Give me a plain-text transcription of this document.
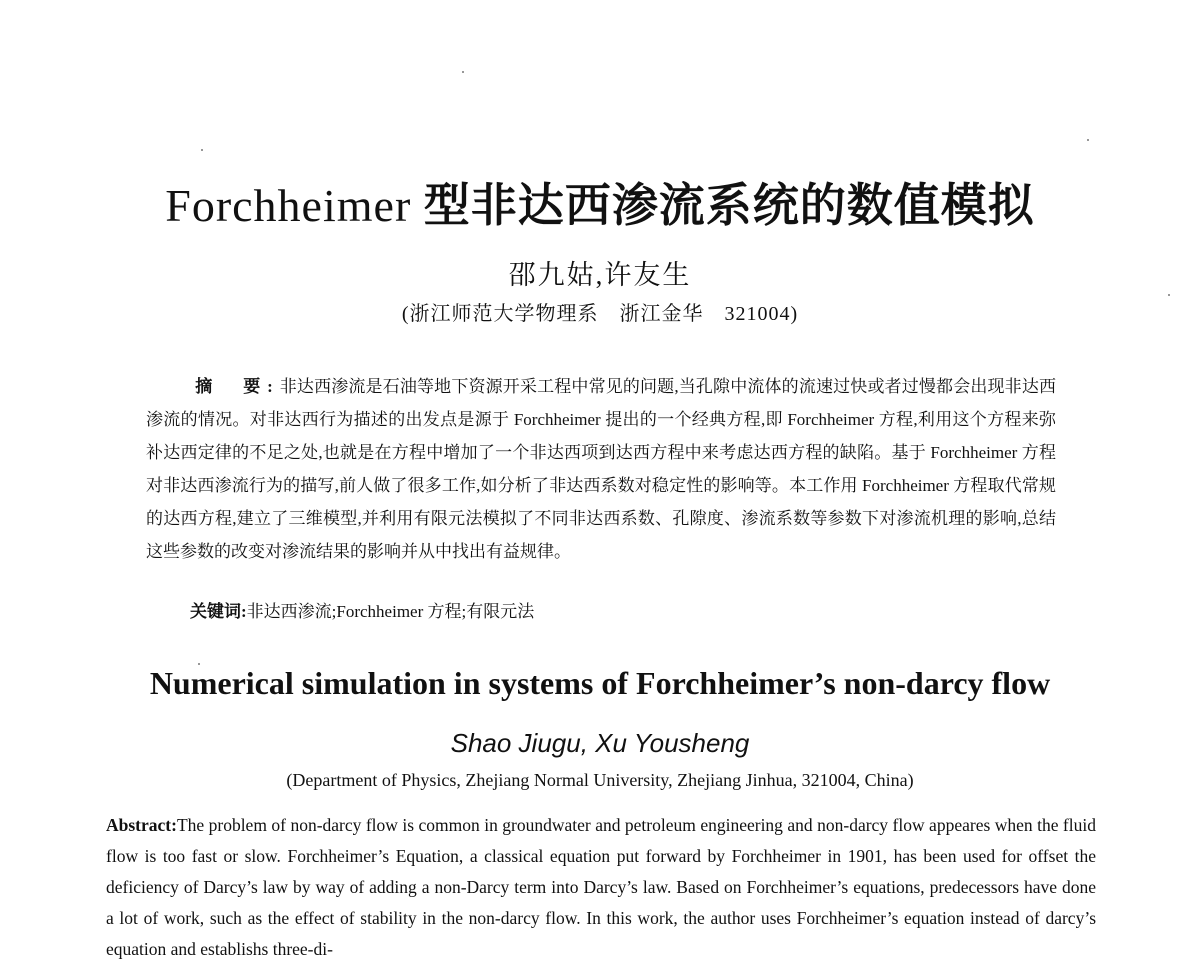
Forchheimer 型非达西渗流系统的数值模拟
邵九姑,许友生
(浙江师范大学物理系　浙江金华　321004)
摘　要:非达西渗流是石油等地下资源开采工程中常见的问题,当孔隙中流体的流速过快或者过慢都会出现非达西渗流的情况。对非达西行为描述的出发点是源于 Forchheimer 提出的一个经典方程,即 Forchheimer 方程,利用这个方程来弥补达西定律的不足之处,也就是在方程中增加了一个非达西项到达西方程中来考虑达西方程的缺陷。基于 Forchheimer 方程对非达西渗流行为的描写,前人做了很多工作,如分析了非达西系数对稳定性的影响等。本工作用 Forchheimer 方程取代常规的达西方程,建立了三维模型,并利用有限元法模拟了不同非达西系数、孔隙度、渗流系数等参数下对渗流机理的影响,总结这些参数的改变对渗流结果的影响并从中找出有益规律。
关键词:非达西渗流;Forchheimer 方程;有限元法
Numerical simulation in systems of Forchheimer’s non-darcy flow
Shao Jiugu, Xu Yousheng
(Department of Physics, Zhejiang Normal University, Zhejiang Jinhua, 321004, China)
Abstract:The problem of non-darcy flow is common in groundwater and petroleum engineering and non-darcy flow appeares when the fluid flow is too fast or slow. Forchheimer’s Equation, a classical equation put forward by Forchheimer in 1901, has been used for offset the deficiency of Darcy’s law by way of adding a non-Darcy term into Darcy’s law. Based on Forchheimer’s equations, predecessors have done a lot of work, such as the effect of stability in the non-darcy flow. In this work, the author uses Forchheimer’s equation instead of darcy’s equation and establishs three-di-
